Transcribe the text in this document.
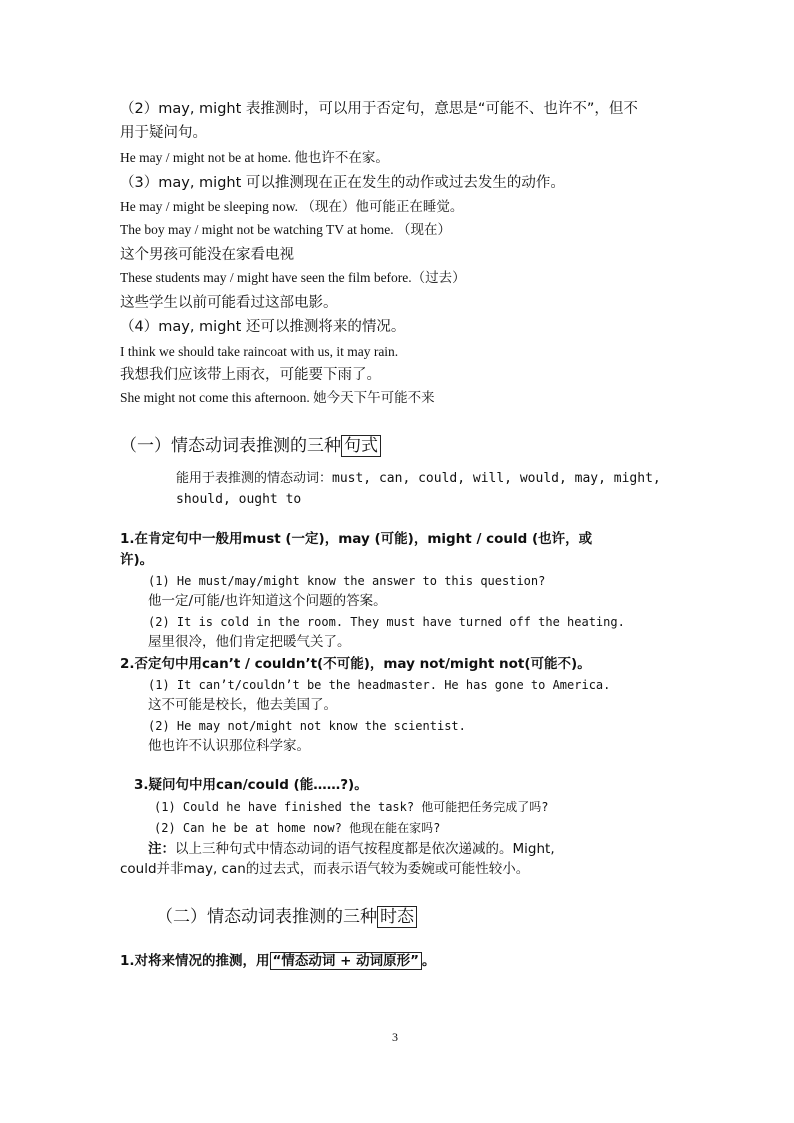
（2）may, might 表推测时，可以用于否定句，意思是“可能不、也许不”，但不
用于疑问句。
He may / might not be at home. 他也许不在家。
（3）may, might 可以推测现在正在发生的动作或过去发生的动作。
He may / might be sleeping now. （现在）他可能正在睡觉。
The boy may / might not be watching TV at home. （现在）
这个男孩可能没在家看电视
These students may / might have seen the film before.（过去）
这些学生以前可能看过这部电影。
（4）may, might 还可以推测将来的情况。
I think we should take raincoat with us, it may rain.
我想我们应该带上雨衣，可能要下雨了。
She might not come this afternoon. 她今天下午可能不来
（一）情态动词表推测的三种 句式
能用于表推测的情态动词：must, can, could, will, would, may, might,
should, ought to
1.在肯定句中一般用must (一定)，may (可能)，might / could (也许，或
许)。
(1) He must/may/might know the answer to this question?
他一定/可能/也许知道这个问题的答案。
(2) It is cold in the room. They must have turned off the heating.
屋里很冷，他们肯定把暖气关了。
2.否定句中用can’t / couldn’t(不可能)，may not/might not(可能不)。
(1) It can’t/couldn’t be the headmaster. He has gone to America.
这不可能是校长，他去美国了。
(2) He may not/might not know the scientist.
他也许不认识那位科学家。
3.疑问句中用can/could (能……?)。
(1) Could he have finished the task? 他可能把任务完成了吗?
(2) Can he be at home now? 他现在能在家吗?
注：以上三种句式中情态动词的语气按程度都是依次递减的。Might,
could并非may, can的过去式，而表示语气较为委婉或可能性较小。
（二）情态动词表推测的三种 时态
1.对将来情况的推测，用 “情态动词 + 动词原形” 。
3
